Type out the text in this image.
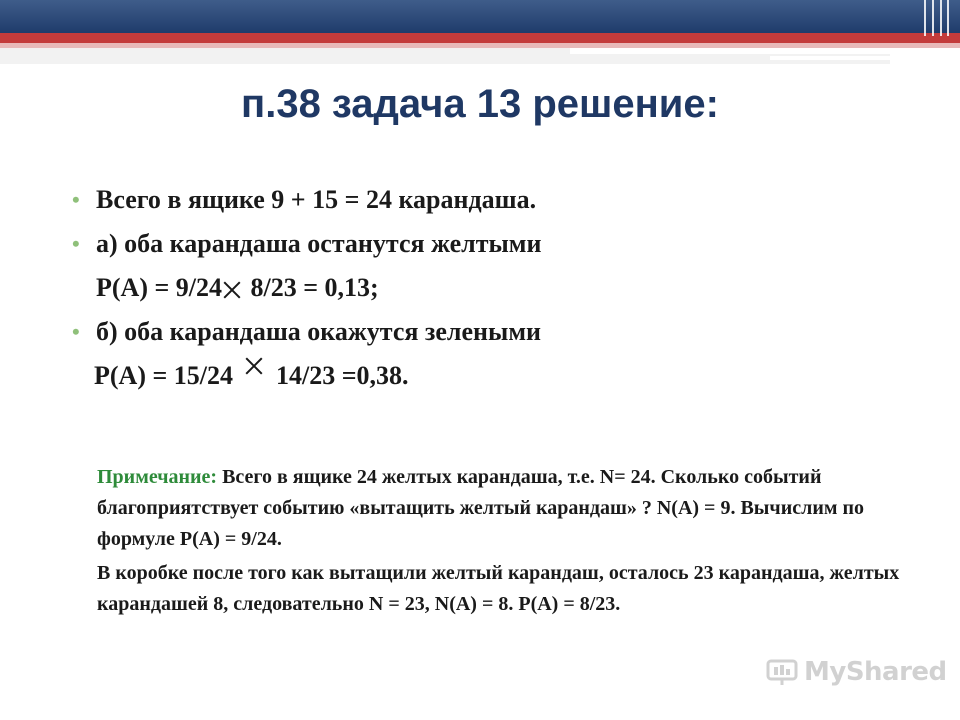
п.38 задача 13 решение:
• Всего в ящике 9 + 15 = 24 карандаша.
• а) оба карандаша останутся желтыми
Р(А) = 9/24 8/23 = 0,13;
• б) оба карандаша окажутся зелеными
Р(А) = 15/24  14/23 =0,38.

Примечание: Всего в ящике 24 желтых карандаша, т.е. N= 24. Сколько событий благоприятствует событию «вытащить желтый карандаш» ? N(А) = 9. Вычислим по формуле Р(А) = 9/24.

В коробке после того как вытащили желтый карандаш, осталось 23 карандаша, желтых карандашей 8, следовательно N = 23, N(А) = 8. Р(А) = 8/23.

MyShared
